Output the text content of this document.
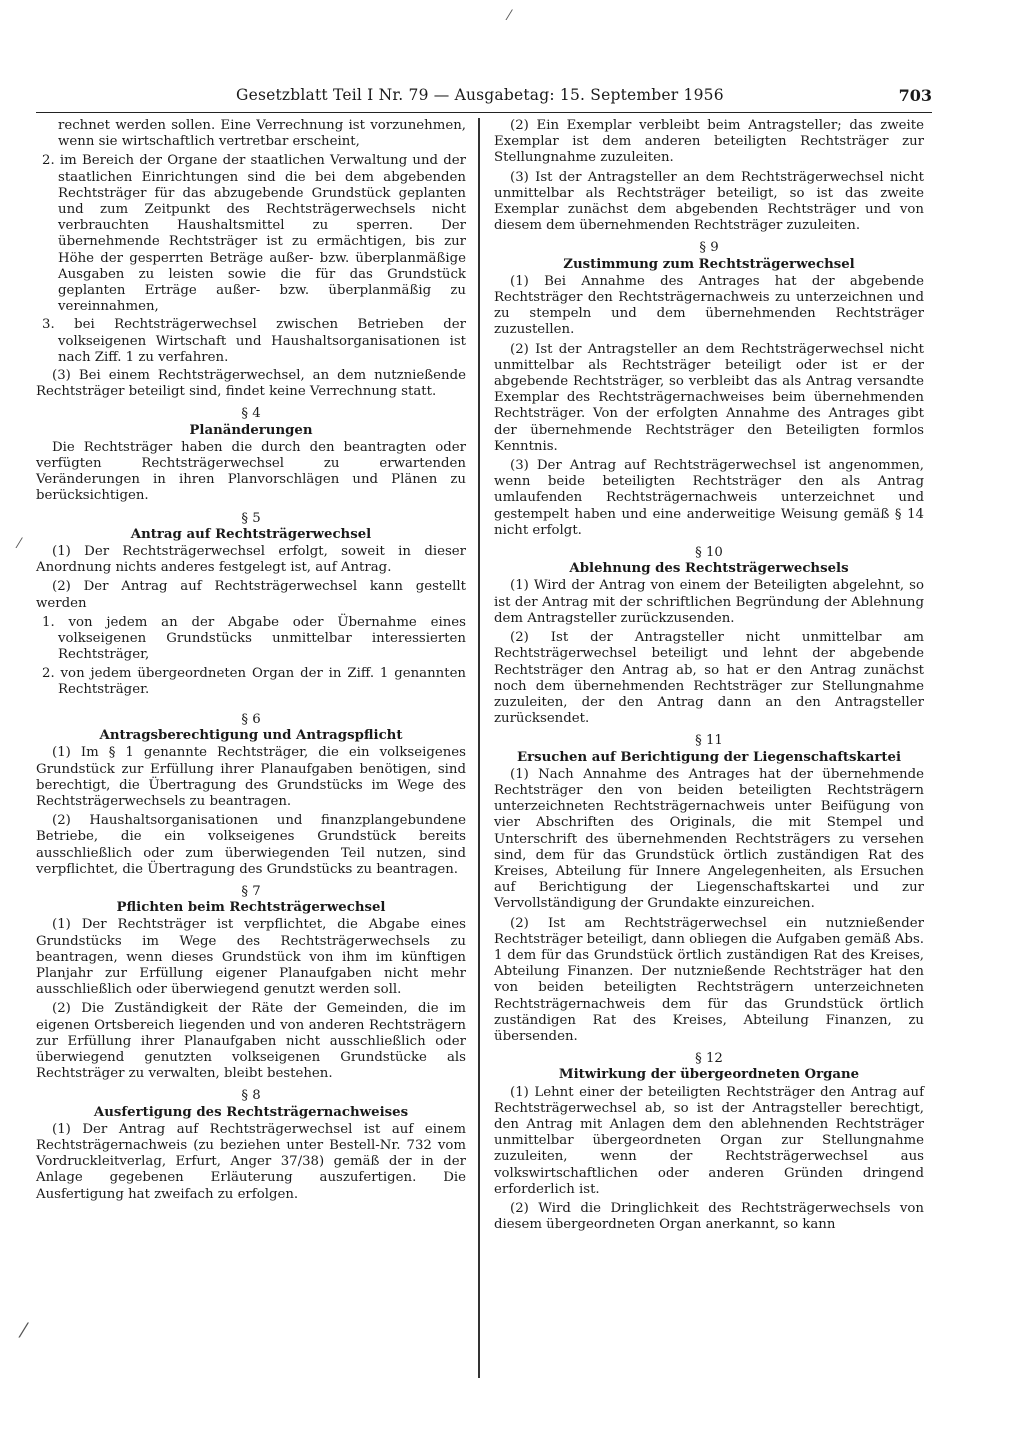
⁄
⁄
⁄
Gesetzblatt Teil I Nr. 79 — Ausgabetag: 15. September 1956	703

rechnet werden sollen. Eine Verrechnung ist vorzunehmen, wenn sie wirtschaftlich vertretbar erscheint,

2. im Bereich der Organe der staatlichen Verwaltung und der staatlichen Einrichtungen sind die bei dem abgebenden Rechtsträger für das abzugebende Grundstück geplanten und zum Zeitpunkt des Rechtsträgerwechsels nicht verbrauchten Haushaltsmittel zu sperren. Der übernehmende Rechtsträger ist zu ermächtigen, bis zur Höhe der gesperrten Beträge außer- bzw. überplanmäßige Ausgaben zu leisten sowie die für das Grundstück geplanten Erträge außer- bzw. überplanmäßig zu vereinnahmen,

3. bei Rechtsträgerwechsel zwischen Betrieben der volkseigenen Wirtschaft und Haushaltsorganisationen ist nach Ziff. 1 zu verfahren.

(3) Bei einem Rechtsträgerwechsel, an dem nutznießende Rechtsträger beteiligt sind, findet keine Verrechnung statt.

§ 4
Planänderungen

Die Rechtsträger haben die durch den beantragten oder verfügten Rechtsträgerwechsel zu erwartenden Veränderungen in ihren Planvorschlägen und Plänen zu berücksichtigen.

§ 5
Antrag auf Rechtsträgerwechsel

(1) Der Rechtsträgerwechsel erfolgt, soweit in dieser Anordnung nichts anderes festgelegt ist, auf Antrag.

(2) Der Antrag auf Rechtsträgerwechsel kann gestellt werden

1. von jedem an der Abgabe oder Übernahme eines volkseigenen Grundstücks unmittelbar interessierten Rechtsträger,

2. von jedem übergeordneten Organ der in Ziff. 1 genannten Rechtsträger.

§ 6
Antragsberechtigung und Antragspflicht

(1) Im § 1 genannte Rechtsträger, die ein volkseigenes Grundstück zur Erfüllung ihrer Planaufgaben benötigen, sind berechtigt, die Übertragung des Grundstücks im Wege des Rechtsträgerwechsels zu beantragen.

(2) Haushaltsorganisationen und finanzplangebundene Betriebe, die ein volkseigenes Grundstück bereits ausschließlich oder zum überwiegenden Teil nutzen, sind verpflichtet, die Übertragung des Grundstücks zu beantragen.

§ 7
Pflichten beim Rechtsträgerwechsel

(1) Der Rechtsträger ist verpflichtet, die Abgabe eines Grundstücks im Wege des Rechtsträgerwechsels zu beantragen, wenn dieses Grundstück von ihm im künftigen Planjahr zur Erfüllung eigener Planaufgaben nicht mehr ausschließlich oder überwiegend genutzt werden soll.

(2) Die Zuständigkeit der Räte der Gemeinden, die im eigenen Ortsbereich liegenden und von anderen Rechtsträgern zur Erfüllung ihrer Planaufgaben nicht ausschließlich oder überwiegend genutzten volkseigenen Grundstücke als Rechtsträger zu verwalten, bleibt bestehen.

§ 8
Ausfertigung des Rechtsträgernachweises

(1) Der Antrag auf Rechtsträgerwechsel ist auf einem Rechtsträgernachweis (zu beziehen unter Bestell-Nr. 732 vom Vordruckleitverlag, Erfurt, Anger 37/38) gemäß der in der Anlage gegebenen Erläuterung auszufertigen. Die Ausfertigung hat zweifach zu erfolgen.

(2) Ein Exemplar verbleibt beim Antragsteller; das zweite Exemplar ist dem anderen beteiligten Rechtsträger zur Stellungnahme zuzuleiten.

(3) Ist der Antragsteller an dem Rechtsträgerwechsel nicht unmittelbar als Rechtsträger beteiligt, so ist das zweite Exemplar zunächst dem abgebenden Rechtsträger und von diesem dem übernehmenden Rechtsträger zuzuleiten.

§ 9
Zustimmung zum Rechtsträgerwechsel

(1) Bei Annahme des Antrages hat der abgebende Rechtsträger den Rechtsträgernachweis zu unterzeichnen und zu stempeln und dem übernehmenden Rechtsträger zuzustellen.

(2) Ist der Antragsteller an dem Rechtsträgerwechsel nicht unmittelbar als Rechtsträger beteiligt oder ist er der abgebende Rechtsträger, so verbleibt das als Antrag versandte Exemplar des Rechtsträgernachweises beim übernehmenden Rechtsträger. Von der erfolgten Annahme des Antrages gibt der übernehmende Rechtsträger den Beteiligten formlos Kenntnis.

(3) Der Antrag auf Rechtsträgerwechsel ist angenommen, wenn beide beteiligten Rechtsträger den als Antrag umlaufenden Rechtsträgernachweis unterzeichnet und gestempelt haben und eine anderweitige Weisung gemäß § 14 nicht erfolgt.

§ 10
Ablehnung des Rechtsträgerwechsels

(1) Wird der Antrag von einem der Beteiligten abgelehnt, so ist der Antrag mit der schriftlichen Begründung der Ablehnung dem Antragsteller zurückzusenden.

(2) Ist der Antragsteller nicht unmittelbar am Rechtsträgerwechsel beteiligt und lehnt der abgebende Rechtsträger den Antrag ab, so hat er den Antrag zunächst noch dem übernehmenden Rechtsträger zur Stellungnahme zuzuleiten, der den Antrag dann an den Antragsteller zurücksendet.

§ 11
Ersuchen auf Berichtigung der Liegenschaftskartei

(1) Nach Annahme des Antrages hat der übernehmende Rechtsträger den von beiden beteiligten Rechtsträgern unterzeichneten Rechtsträgernachweis unter Beifügung von vier Abschriften des Originals, die mit Stempel und Unterschrift des übernehmenden Rechtsträgers zu versehen sind, dem für das Grundstück örtlich zuständigen Rat des Kreises, Abteilung für Innere Angelegenheiten, als Ersuchen auf Berichtigung der Liegenschaftskartei und zur Vervollständigung der Grundakte einzureichen.

(2) Ist am Rechtsträgerwechsel ein nutznießender Rechtsträger beteiligt, dann obliegen die Aufgaben gemäß Abs. 1 dem für das Grundstück örtlich zuständigen Rat des Kreises, Abteilung Finanzen. Der nutznießende Rechtsträger hat den von beiden beteiligten Rechtsträgern unterzeichneten Rechtsträgernachweis dem für das Grundstück örtlich zuständigen Rat des Kreises, Abteilung Finanzen, zu übersenden.

§ 12
Mitwirkung der übergeordneten Organe

(1) Lehnt einer der beteiligten Rechtsträger den Antrag auf Rechtsträgerwechsel ab, so ist der Antragsteller berechtigt, den Antrag mit Anlagen dem den ablehnenden Rechtsträger unmittelbar übergeordneten Organ zur Stellungnahme zuzuleiten, wenn der Rechtsträgerwechsel aus volkswirtschaftlichen oder anderen Gründen dringend erforderlich ist.

(2) Wird die Dringlichkeit des Rechtsträgerwechsels von diesem übergeordneten Organ anerkannt, so kann
